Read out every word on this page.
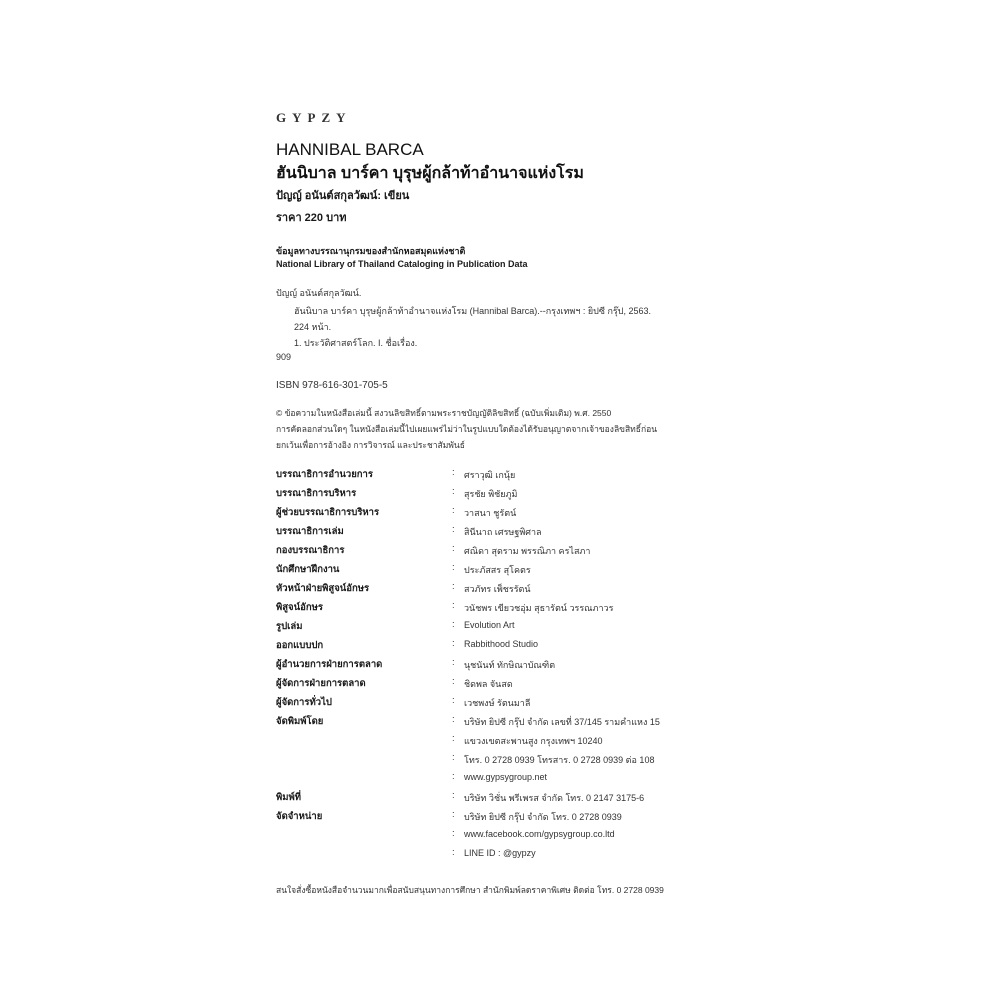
GYPZY
HANNIBAL BARCA
ฮันนิบาล บาร์คา บุรุษผู้กล้าท้าอำนาจแห่งโรม
ปัญญ์ อนันต์สกุลวัฒน์: เขียน
ราคา 220 บาท
ข้อมูลทางบรรณานุกรมของสำนักหอสมุดแห่งชาติ
National Library of Thailand Cataloging in Publication Data
ปัญญ์ อนันต์สกุลวัฒน์.
ฮันนิบาล บาร์คา บุรุษผู้กล้าท้าอำนาจแห่งโรม (Hannibal Barca).--กรุงเทพฯ : ยิปซี กรุ๊ป, 2563.
224 หน้า.
1. ประวัติศาสตร์โลก. I. ชื่อเรื่อง.
909
ISBN 978-616-301-705-5
© ข้อความในหนังสือเล่มนี้ สงวนลิขสิทธิ์ตามพระราชบัญญัติลิขสิทธิ์ (ฉบับเพิ่มเติม) พ.ศ. 2550
การคัดลอกส่วนใดๆ ในหนังสือเล่มนี้ไปเผยแพร่ไม่ว่าในรูปแบบใดต้องได้รับอนุญาตจากเจ้าของลิขสิทธิ์ก่อน
ยกเว้นเพื่อการอ้างอิง การวิจารณ์ และประชาสัมพันธ์
บรรณาธิการอำนวยการ	: ศราวุฒิ เกนุ้ย
บรรณาธิการบริหาร	: สุรชัย พิชัยภูมิ
ผู้ช่วยบรรณาธิการบริหาร	: วาสนา ชูรัตน์
บรรณาธิการเล่ม	: สินีนาถ เศรษฐพิศาล
กองบรรณาธิการ	: ศณิดา สุดราม พรรณิภา ครไสภา
นักศึกษาฝึกงาน	: ประภัสสร สุโคตร
หัวหน้าฝ่ายพิสูจน์อักษร	: สวภัทร เพ็ชรรัตน์
พิสูจน์อักษร	: วนัชพร เขียวชอุ่ม สุธารัตน์ วรรณภาวร
รูปเล่ม	: Evolution Art
ออกแบบปก	: Rabbithood Studio
ผู้อำนวยการฝ่ายการตลาด	: นุชนันท์ ทักษิณาบัณฑิต
ผู้จัดการฝ่ายการตลาด	: ชิดพล จันสด
ผู้จัดการทั่วไป	: เวชพงษ์ รัตนมาลี
จัดพิมพ์โดย	: บริษัท ยิปซี กรุ๊ป จำกัด เลขที่ 37/145 รามคำแหง 15
: แขวงเขตสะพานสูง กรุงเทพฯ 10240
: โทร. 0 2728 0939 โทรสาร. 0 2728 0939 ต่อ 108
: www.gypsygroup.net
พิมพ์ที่	: บริษัท วิชั่น พรีเพรส จำกัด โทร. 0 2147 3175-6
จัดจำหน่าย	: บริษัท ยิปซี กรุ๊ป จำกัด โทร. 0 2728 0939
: www.facebook.com/gypsygroup.co.ltd
: LINE ID : @gypzy
สนใจสั่งซื้อหนังสือจำนวนมากเพื่อสนับสนุนทางการศึกษา สำนักพิมพ์ลดราคาพิเศษ ติดต่อ โทร. 0 2728 0939
